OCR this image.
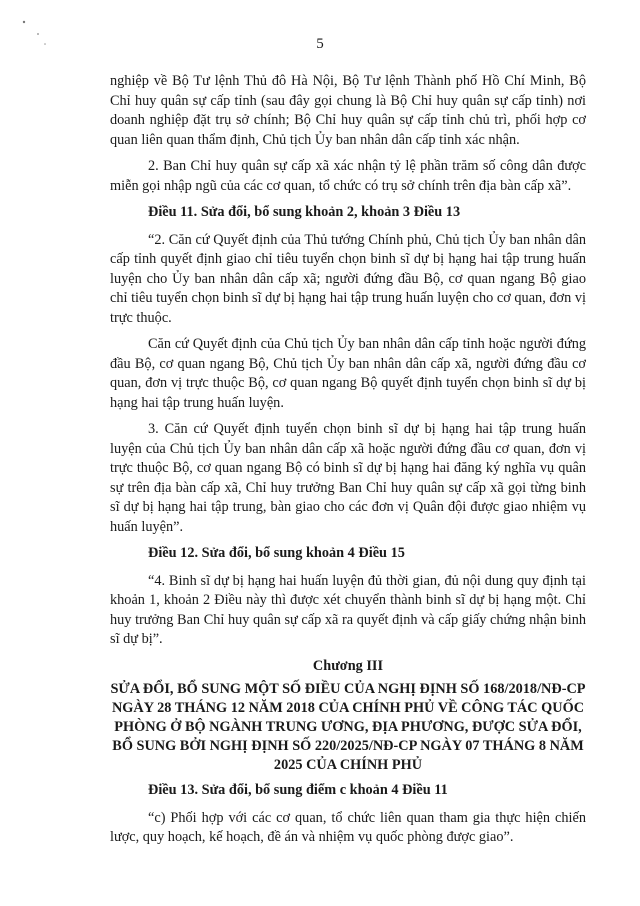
5

nghiệp về Bộ Tư lệnh Thủ đô Hà Nội, Bộ Tư lệnh Thành phố Hồ Chí Minh, Bộ Chỉ huy quân sự cấp tỉnh (sau đây gọi chung là Bộ Chỉ huy quân sự cấp tỉnh) nơi doanh nghiệp đặt trụ sở chính; Bộ Chỉ huy quân sự cấp tỉnh chủ trì, phối hợp cơ quan liên quan thẩm định, Chủ tịch Ủy ban nhân dân cấp tỉnh xác nhận.

2. Ban Chỉ huy quân sự cấp xã xác nhận tỷ lệ phần trăm số công dân được miễn gọi nhập ngũ của các cơ quan, tổ chức có trụ sở chính trên địa bàn cấp xã”.

Điều 11. Sửa đổi, bổ sung khoản 2, khoản 3 Điều 13

“2. Căn cứ Quyết định của Thủ tướng Chính phủ, Chủ tịch Ủy ban nhân dân cấp tỉnh quyết định giao chỉ tiêu tuyển chọn binh sĩ dự bị hạng hai tập trung huấn luyện cho Ủy ban nhân dân cấp xã; người đứng đầu Bộ, cơ quan ngang Bộ giao chỉ tiêu tuyển chọn binh sĩ dự bị hạng hai tập trung huấn luyện cho cơ quan, đơn vị trực thuộc.

Căn cứ Quyết định của Chủ tịch Ủy ban nhân dân cấp tỉnh hoặc người đứng đầu Bộ, cơ quan ngang Bộ, Chủ tịch Ủy ban nhân dân cấp xã, người đứng đầu cơ quan, đơn vị trực thuộc Bộ, cơ quan ngang Bộ quyết định tuyển chọn binh sĩ dự bị hạng hai tập trung huấn luyện.

3. Căn cứ Quyết định tuyển chọn binh sĩ dự bị hạng hai tập trung huấn luyện của Chủ tịch Ủy ban nhân dân cấp xã hoặc người đứng đầu cơ quan, đơn vị trực thuộc Bộ, cơ quan ngang Bộ có binh sĩ dự bị hạng hai đăng ký nghĩa vụ quân sự trên địa bàn cấp xã, Chỉ huy trưởng Ban Chỉ huy quân sự cấp xã gọi từng binh sĩ dự bị hạng hai tập trung, bàn giao cho các đơn vị Quân đội được giao nhiệm vụ huấn luyện”.

Điều 12. Sửa đổi, bổ sung khoản 4 Điều 15

“4. Binh sĩ dự bị hạng hai huấn luyện đủ thời gian, đủ nội dung quy định tại khoản 1, khoản 2 Điều này thì được xét chuyển thành binh sĩ dự bị hạng một. Chỉ huy trưởng Ban Chỉ huy quân sự cấp xã ra quyết định và cấp giấy chứng nhận binh sĩ dự bị”.

Chương III

SỬA ĐỔI, BỔ SUNG MỘT SỐ ĐIỀU CỦA NGHỊ ĐỊNH SỐ 168/2018/NĐ-CP NGÀY 28 THÁNG 12 NĂM 2018 CỦA CHÍNH PHỦ VỀ CÔNG TÁC QUỐC PHÒNG Ở BỘ NGÀNH TRUNG ƯƠNG, ĐỊA PHƯƠNG, ĐƯỢC SỬA ĐỔI, BỔ SUNG BỞI NGHỊ ĐỊNH SỐ 220/2025/NĐ-CP NGÀY 07 THÁNG 8 NĂM 2025 CỦA CHÍNH PHỦ

Điều 13. Sửa đổi, bổ sung điểm c khoản 4 Điều 11

“c) Phối hợp với các cơ quan, tổ chức liên quan tham gia thực hiện chiến lược, quy hoạch, kế hoạch, đề án và nhiệm vụ quốc phòng được giao”.
